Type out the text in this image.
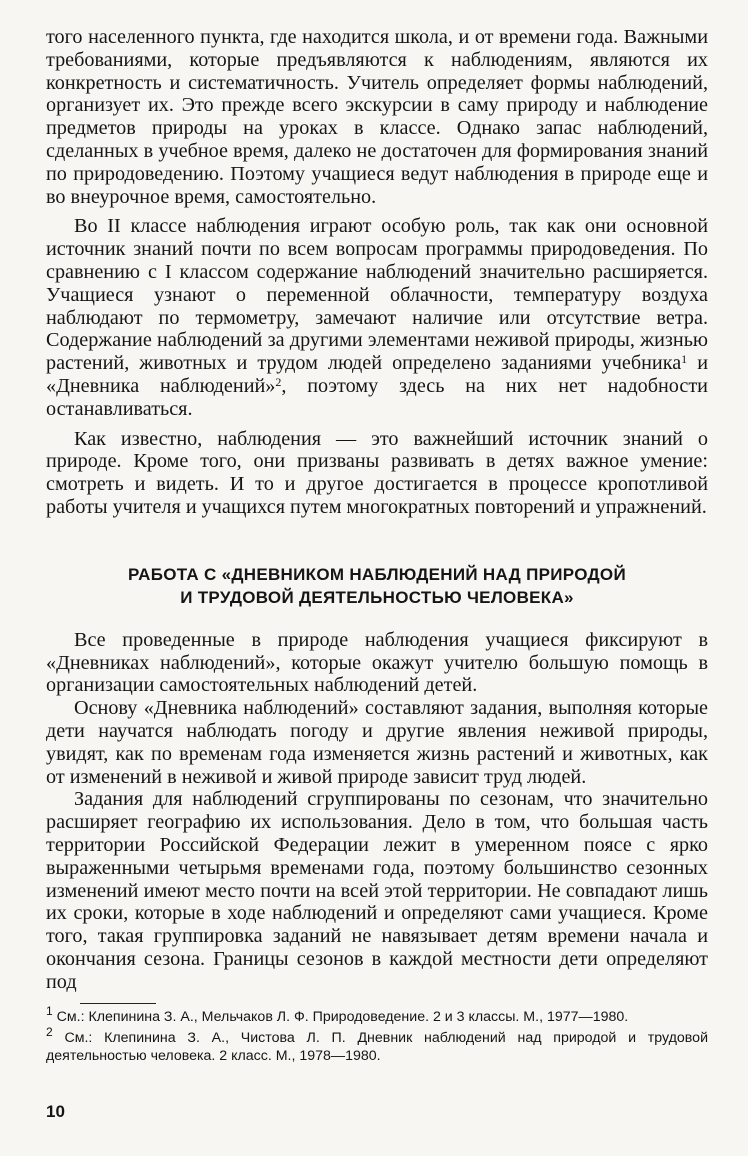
того населенного пункта, где находится школа, и от времени года. Важными требованиями, которые предъявляются к наблюдениям, являются их конкретность и систематичность. Учитель определяет формы наблюдений, организует их. Это прежде всего экскурсии в саму природу и наблюдение предметов природы на уроках в классе. Однако запас наблюдений, сделанных в учебное время, далеко не достаточен для формирования знаний по природоведению. Поэтому учащиеся ведут наблюдения в природе еще и во внеурочное время, самостоятельно.

Во II классе наблюдения играют особую роль, так как они основной источник знаний почти по всем вопросам программы природоведения. По сравнению с I классом содержание наблюдений значительно расширяется. Учащиеся узнают о переменной облачности, температуру воздуха наблюдают по термометру, замечают наличие или отсутствие ветра. Содержание наблюдений за другими элементами неживой природы, жизнью растений, животных и трудом людей определено заданиями учебника$^1$ и «Дневника наблюдений»$^2$, поэтому здесь на них нет надобности останавливаться.

Как известно, наблюдения — это важнейший источник знаний о природе. Кроме того, они призваны развивать в детях важное умение: смотреть и видеть. И то и другое достигается в процессе кропотливой работы учителя и учащихся путем многократных повторений и упражнений.

РАБОТА С «ДНЕВНИКОМ НАБЛЮДЕНИЙ НАД ПРИРОДОЙ
И ТРУДОВОЙ ДЕЯТЕЛЬНОСТЬЮ ЧЕЛОВЕКА»

Все проведенные в природе наблюдения учащиеся фиксируют в «Дневниках наблюдений», которые окажут учителю большую помощь в организации самостоятельных наблюдений детей.

Основу «Дневника наблюдений» составляют задания, выполняя которые дети научатся наблюдать погоду и другие явления неживой природы, увидят, как по временам года изменяется жизнь растений и животных, как от изменений в неживой и живой природе зависит труд людей.

Задания для наблюдений сгруппированы по сезонам, что значительно расширяет географию их использования. Дело в том, что большая часть территории Российской Федерации лежит в умеренном поясе с ярко выраженными четырьмя временами года, поэтому большинство сезонных изменений имеют место почти на всей этой территории. Не совпадают лишь их сроки, которые в ходе наблюдений и определяют сами учащиеся. Кроме того, такая группировка заданий не навязывает детям времени начала и окончания сезона. Границы сезонов в каждой местности дети определяют под

$^1$ См.: Клепинина З. А., Мельчаков Л. Ф. Природоведение. 2 и 3 классы. М., 1977—1980.

$^2$ См.: Клепинина З. А., Чистова Л. П. Дневник наблюдений над природой и трудовой деятельностью человека. 2 класс. М., 1978—1980.

10
